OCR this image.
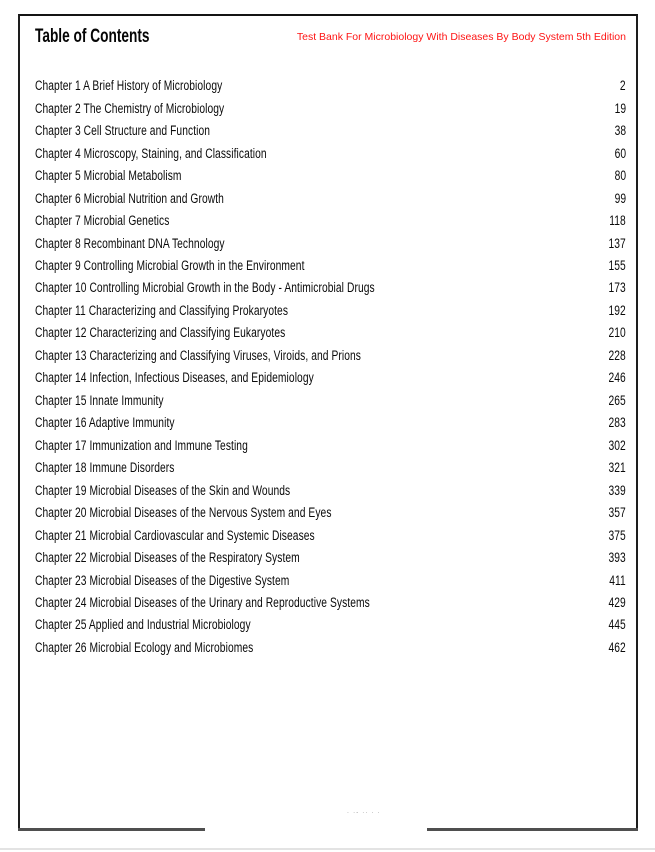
Table of Contents	Test Bank For Microbiology With Diseases By Body System 5th Edition
Chapter 1 A Brief History of Microbiology	2
Chapter 2 The Chemistry of Microbiology	19
Chapter 3 Cell Structure and Function	38
Chapter 4 Microscopy, Staining, and Classification	60
Chapter 5 Microbial Metabolism	80
Chapter 6 Microbial Nutrition and Growth	99
Chapter 7 Microbial Genetics	118
Chapter 8 Recombinant DNA Technology	137
Chapter 9 Controlling Microbial Growth in the Environment	155
Chapter 10 Controlling Microbial Growth in the Body - Antimicrobial Drugs	173
Chapter 11 Characterizing and Classifying Prokaryotes	192
Chapter 12 Characterizing and Classifying Eukaryotes	210
Chapter 13 Characterizing and Classifying Viruses, Viroids, and Prions	228
Chapter 14 Infection, Infectious Diseases, and Epidemiology	246
Chapter 15 Innate Immunity	265
Chapter 16 Adaptive Immunity	283
Chapter 17 Immunization and Immune Testing	302
Chapter 18 Immune Disorders	321
Chapter 19 Microbial Diseases of the Skin and Wounds	339
Chapter 20 Microbial Diseases of the Nervous System and Eyes	357
Chapter 21 Microbial Cardiovascular and Systemic Diseases	375
Chapter 22 Microbial Diseases of the Respiratory System	393
Chapter 23 Microbial Diseases of the Digestive System	411
Chapter 24 Microbial Diseases of the Urinary and Reproductive Systems	429
Chapter 25 Applied and Industrial Microbiology	445
Chapter 26 Microbial Ecology and Microbiomes	462
· ·‐ ·· · ·
